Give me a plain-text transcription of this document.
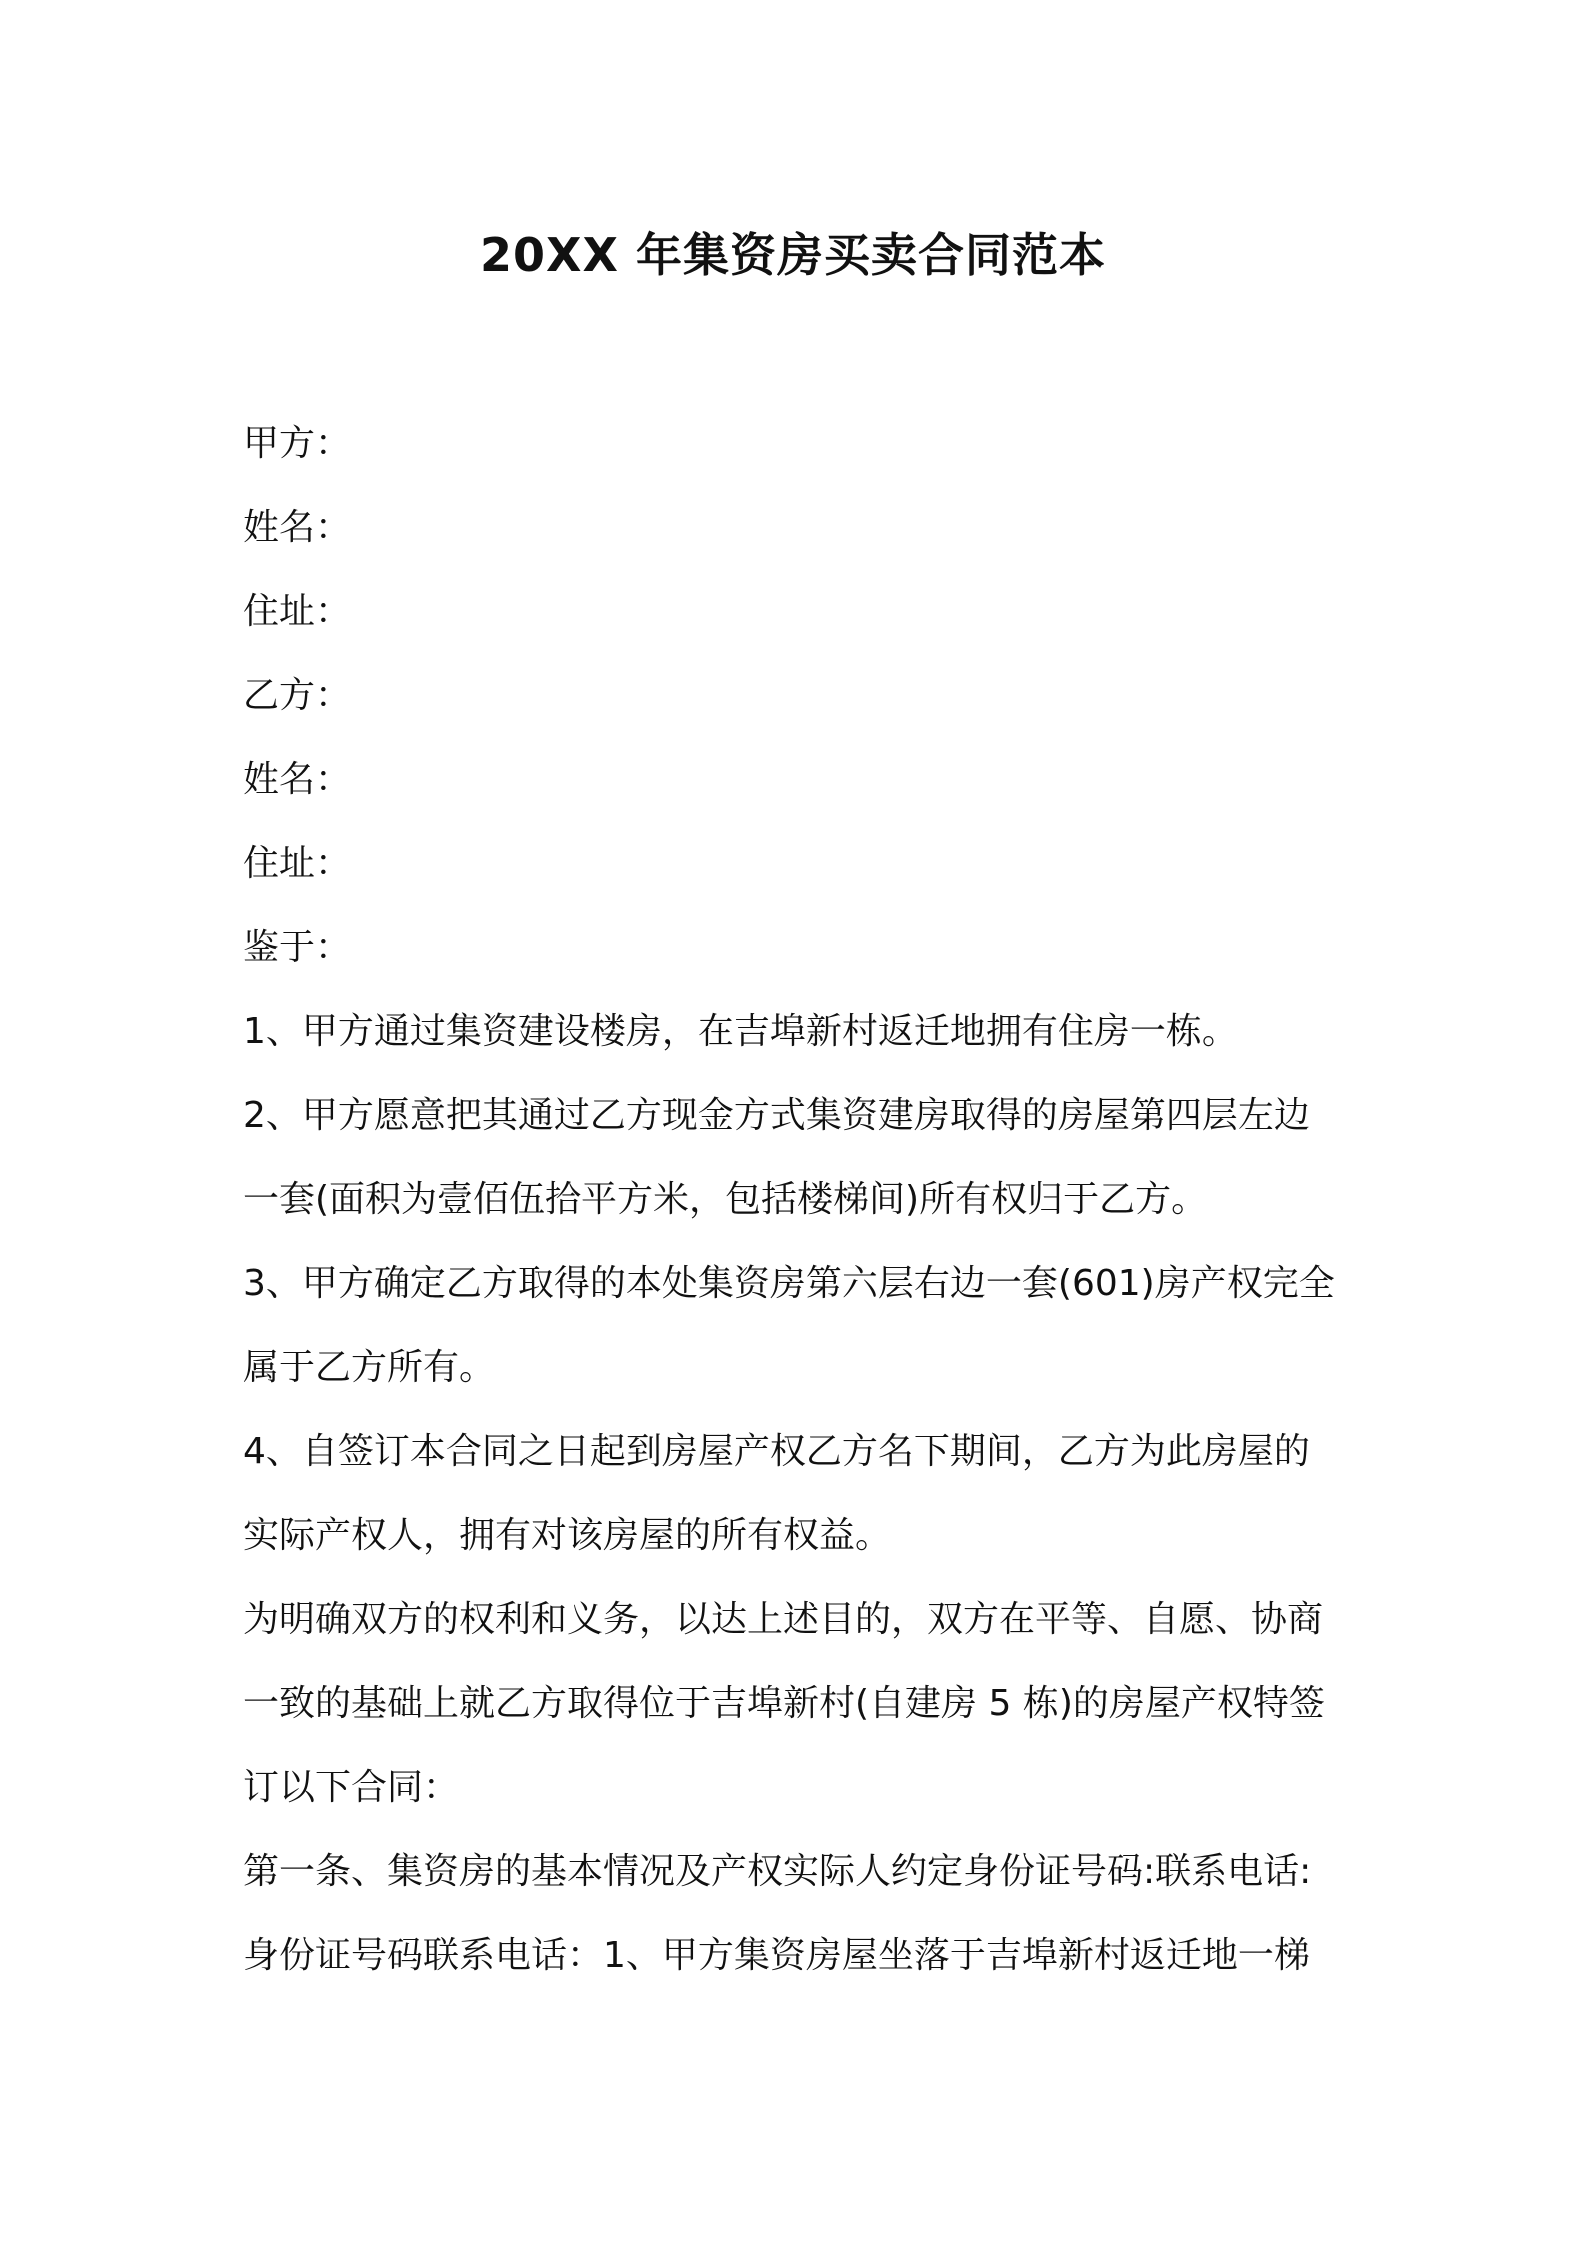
20XX 年集资房买卖合同范本
甲方：
姓名：
住址：
乙方：
姓名：
住址：
鉴于：
1、甲方通过集资建设楼房，在吉埠新村返迁地拥有住房一栋。
2、甲方愿意把其通过乙方现金方式集资建房取得的房屋第四层左边
一套(面积为壹佰伍拾平方米，包括楼梯间)所有权归于乙方。
3、甲方确定乙方取得的本处集资房第六层右边一套(601)房产权完全
属于乙方所有。
4、自签订本合同之日起到房屋产权乙方名下期间，乙方为此房屋的
实际产权人，拥有对该房屋的所有权益。
为明确双方的权利和义务，以达上述目的，双方在平等、自愿、协商
一致的基础上就乙方取得位于吉埠新村(自建房 5 栋)的房屋产权特签
订以下合同：
第一条、集资房的基本情况及产权实际人约定身份证号码:联系电话:
身份证号码联系电话：1、甲方集资房屋坐落于吉埠新村返迁地一梯
